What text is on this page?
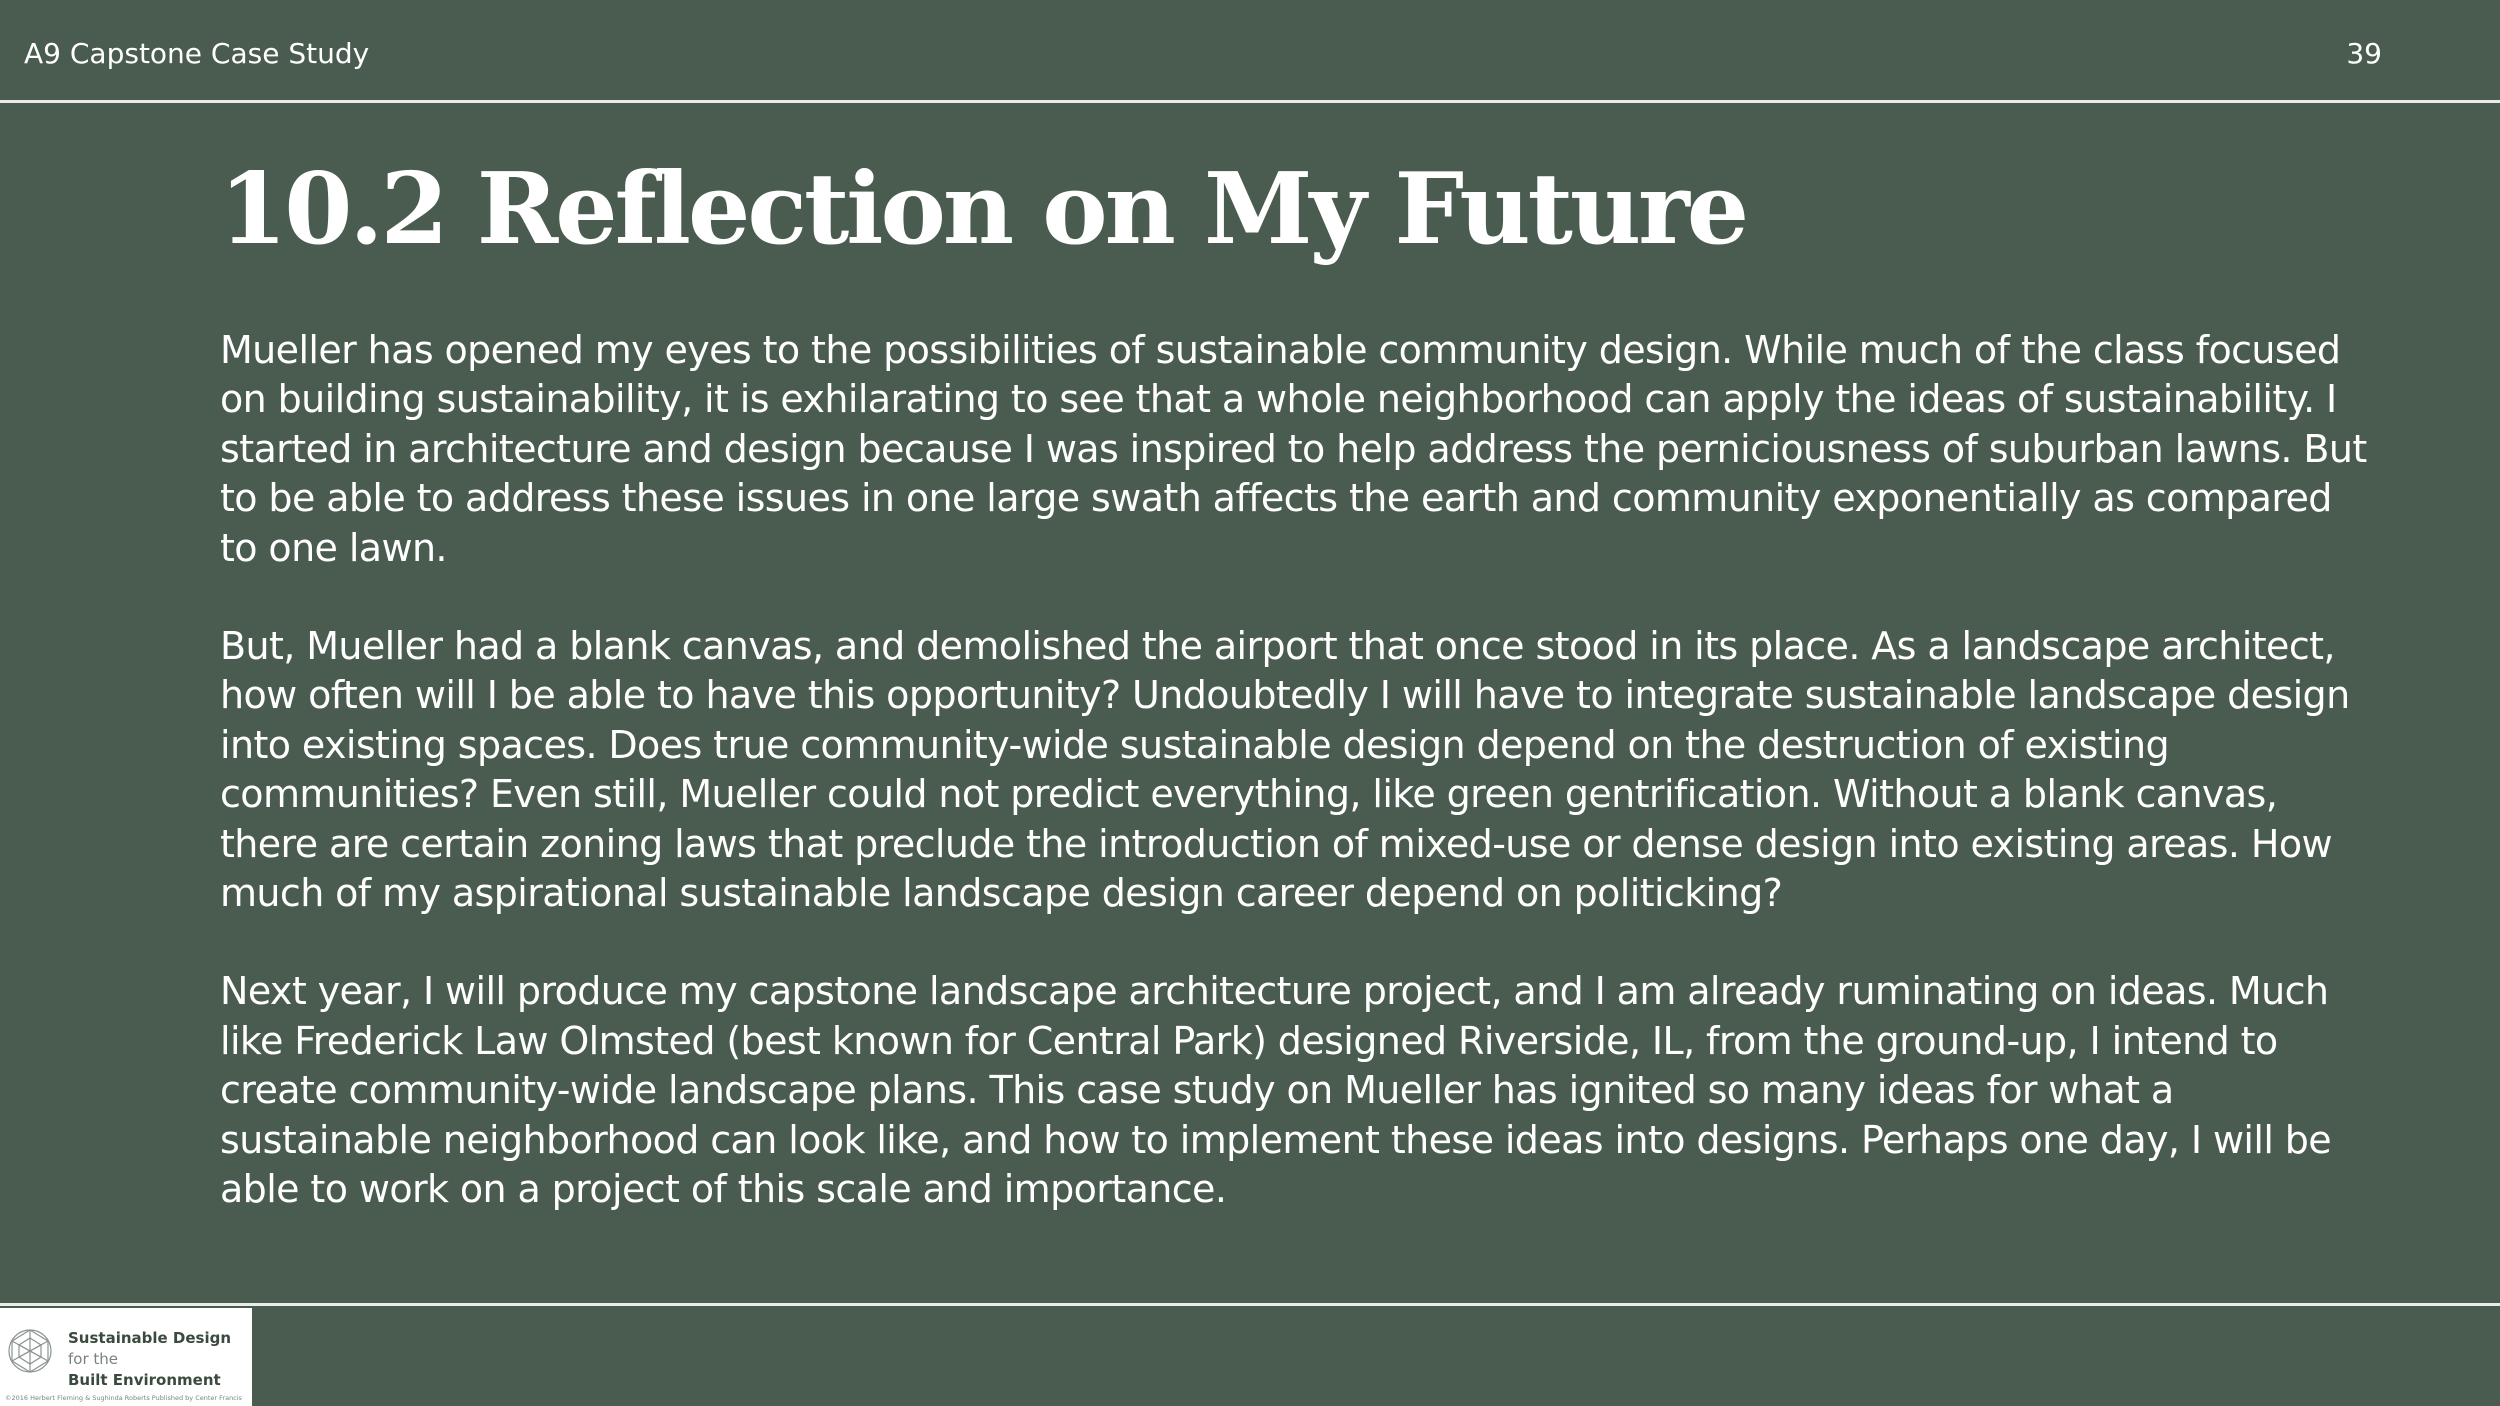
A9 Capstone Case Study	39
10.2 Reflection on My Future

Mueller has opened my eyes to the possibilities of sustainable community design. While much of the class focused on building sustainability, it is exhilarating to see that a whole neighborhood can apply the ideas of sustainability. I started in architecture and design because I was inspired to help address the perniciousness of suburban lawns. But to be able to address these issues in one large swath affects the earth and community exponentially as compared to one lawn.

But, Mueller had a blank canvas, and demolished the airport that once stood in its place. As a landscape architect, how often will I be able to have this opportunity? Undoubtedly I will have to integrate sustainable landscape design into existing spaces. Does true community-wide sustainable design depend on the destruction of existing communities? Even still, Mueller could not predict everything, like green gentrification. Without a blank canvas, there are certain zoning laws that preclude the introduction of mixed-use or dense design into existing areas. How much of my aspirational sustainable landscape design career depend on politicking?

Next year, I will produce my capstone landscape architecture project, and I am already ruminating on ideas. Much like Frederick Law Olmsted (best known for Central Park) designed Riverside, IL, from the ground-up, I intend to create community-wide landscape plans. This case study on Mueller has ignited so many ideas for what a sustainable neighborhood can look like, and how to implement these ideas into designs. Perhaps one day, I will be able to work on a project of this scale and importance.

Sustainable Design for the
Built Environment
©2016 Herbert Fleming & Sughinda Roberts Published by Center Francis
